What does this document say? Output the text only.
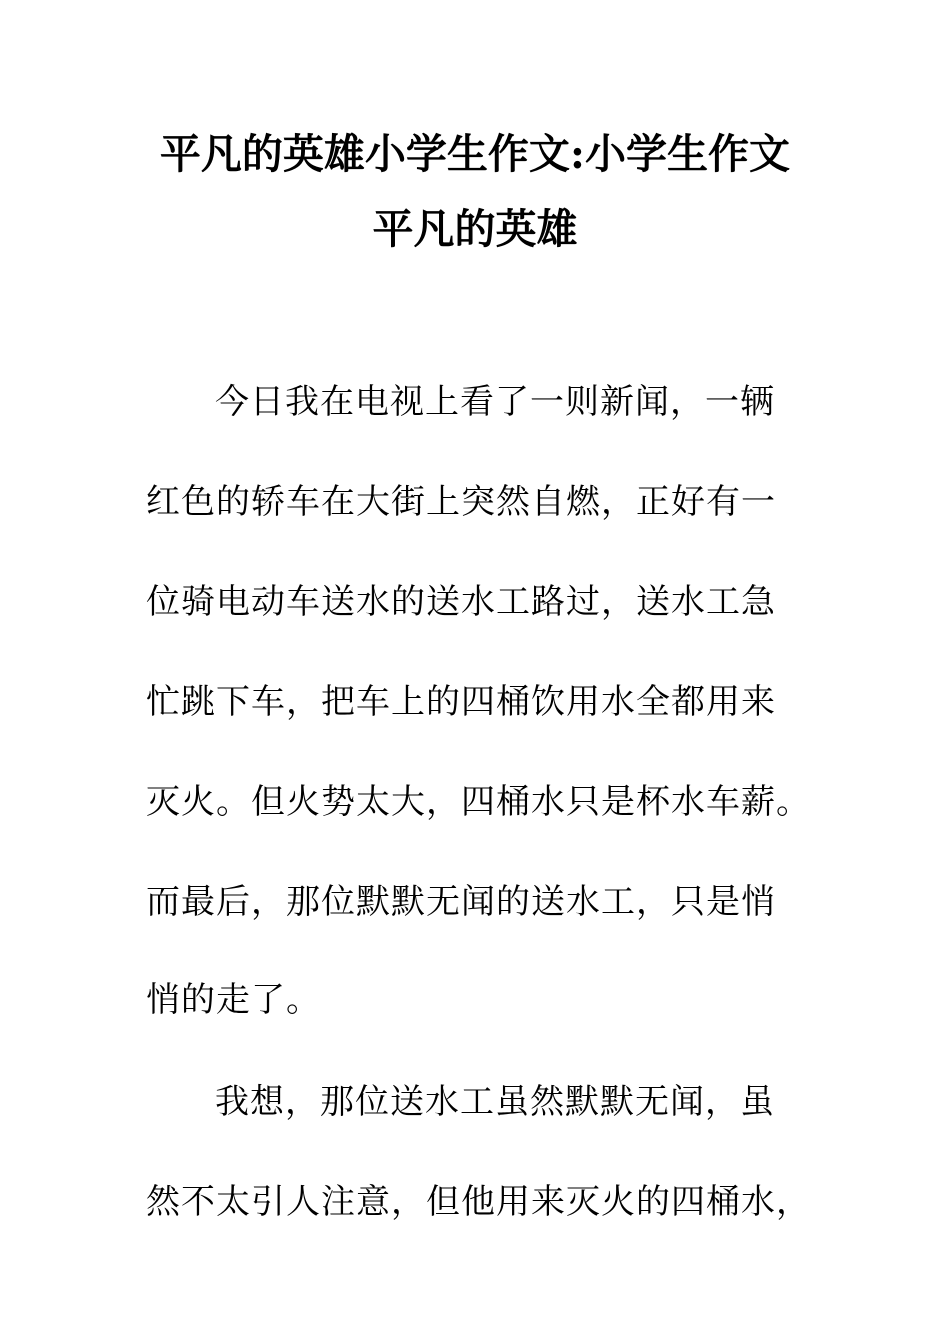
平凡的英雄小学生作文:小学生作文
平凡的英雄
今日我在电视上看了一则新闻，一辆
红色的轿车在大街上突然自燃，正好有一
位骑电动车送水的送水工路过，送水工急
忙跳下车，把车上的四桶饮用水全都用来
灭火。但火势太大，四桶水只是杯水车薪。
而最后，那位默默无闻的送水工，只是悄
悄的走了。
我想，那位送水工虽然默默无闻，虽
然不太引人注意，但他用来灭火的四桶水，
